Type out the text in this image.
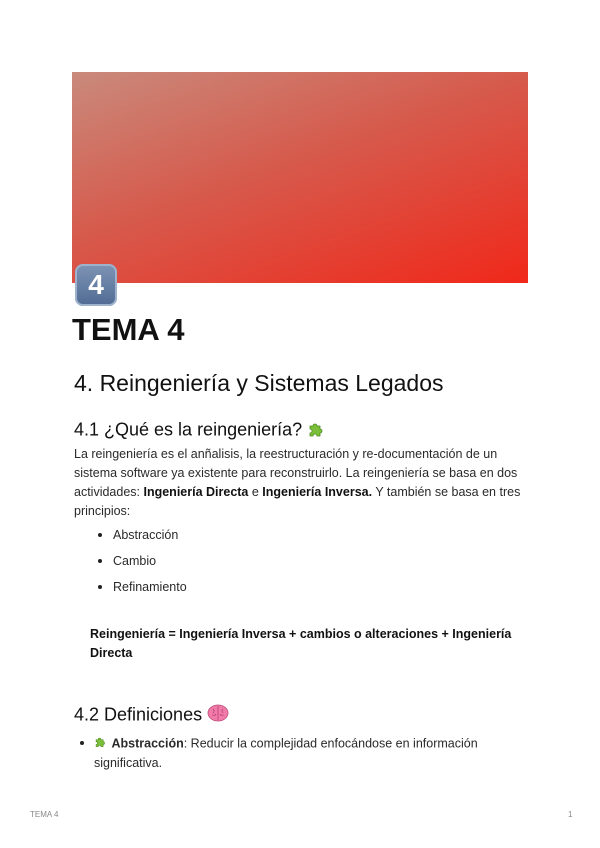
4
TEMA 4
4. Reingeniería y Sistemas Legados
4.1 ¿Qué es la reingeniería?

La reingeniería es el anñalisis, la reestructuración y re-documentación de un sistema software ya existente para reconstruirlo. La reingeniería se basa en dos actividades: Ingeniería Directa e Ingeniería Inversa. Y también se basa en tres principios:

Abstracción
Cambio
Refinamiento

Reingeniería = Ingeniería Inversa + cambios o alteraciones + Ingeniería Directa

4.2 Definiciones
Abstracción: Reducir la complejidad enfocándose en información significativa.
TEMA 4	1
